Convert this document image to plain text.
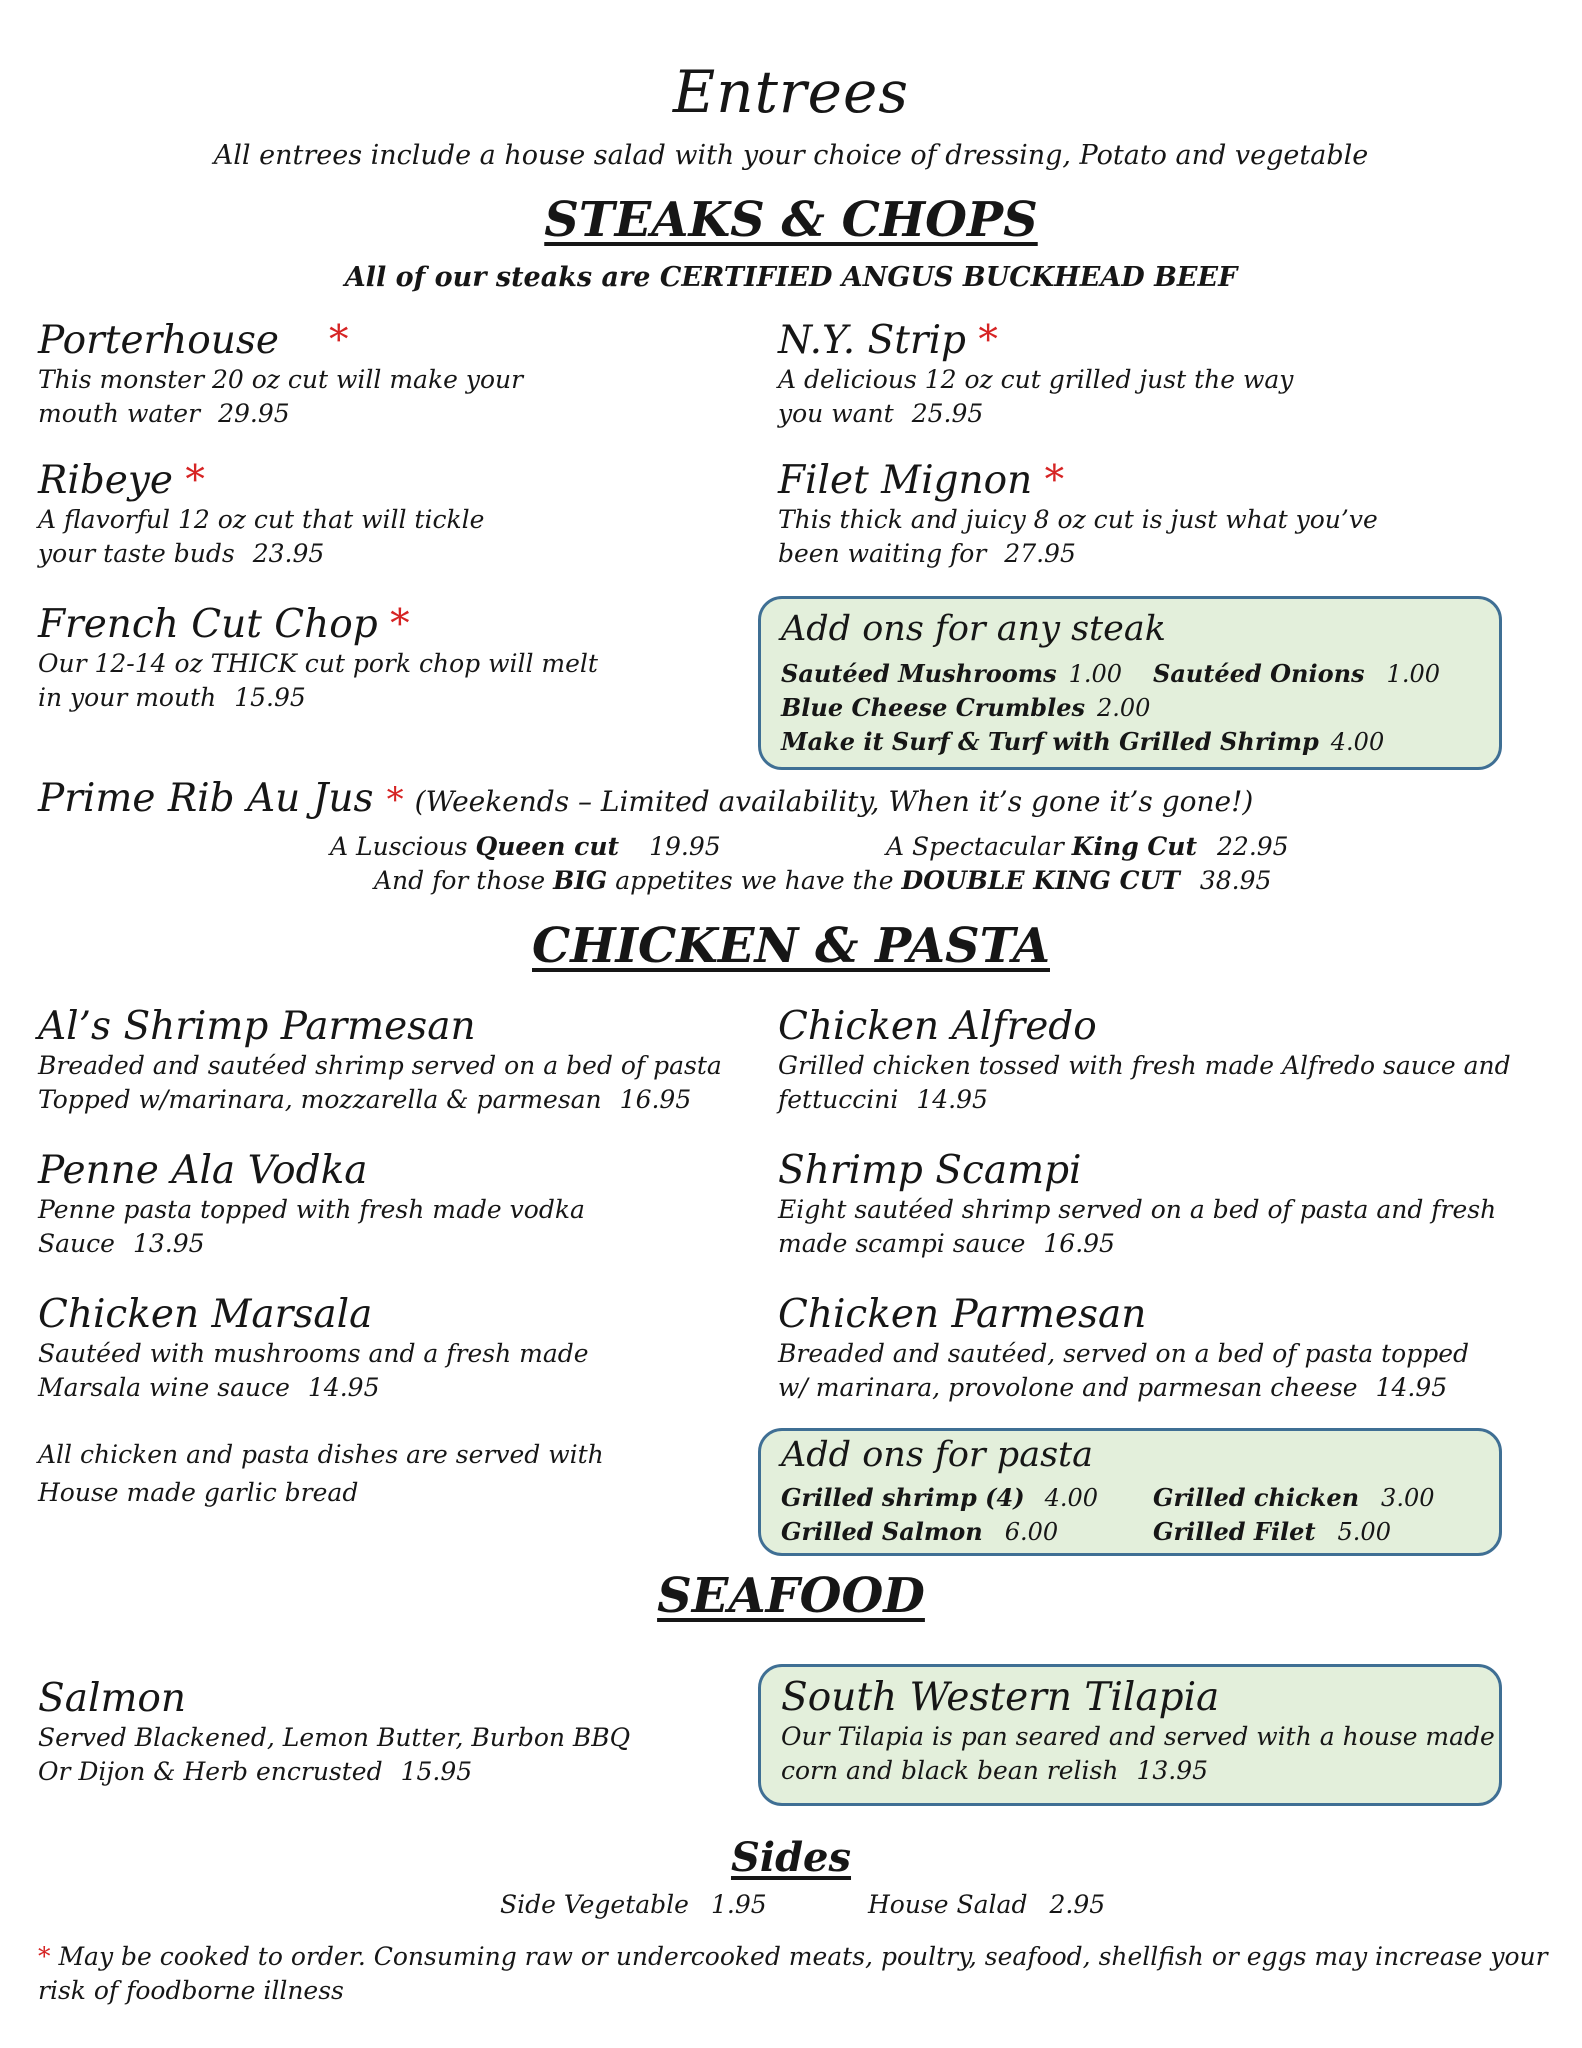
Entrees
All entrees include a house salad with your choice of dressing, Potato and vegetable
STEAKS & CHOPS
All of our steaks are CERTIFIED ANGUS BUCKHEAD BEEF
Porterhouse *
This monster 20 oz cut will make your
mouth water 29.95
N.Y. Strip *
A delicious 12 oz cut grilled just the way
you want 25.95
Ribeye *
A flavorful 12 oz cut that will tickle
your taste buds 23.95
Filet Mignon *
This thick and juicy 8 oz cut is just what you’ve
been waiting for 27.95
French Cut Chop *
Our 12-14 oz THICK cut pork chop will melt
in your mouth 15.95
Add ons for any steak
Sautéed Mushrooms 1.00 Sautéed Onions 1.00
Blue Cheese Crumbles 2.00
Make it Surf & Turf with Grilled Shrimp 4.00
Prime Rib Au Jus * (Weekends – Limited availability, When it’s gone it’s gone!)
A Luscious Queen cut 19.95	A Spectacular King Cut 22.95
And for those BIG appetites we have the DOUBLE KING CUT 38.95
CHICKEN & PASTA
Al’s Shrimp Parmesan
Breaded and sautéed shrimp served on a bed of pasta
Topped w/marinara, mozzarella & parmesan 16.95
Chicken Alfredo
Grilled chicken tossed with fresh made Alfredo sauce and
fettuccini 14.95
Penne Ala Vodka
Penne pasta topped with fresh made vodka
Sauce 13.95
Shrimp Scampi
Eight sautéed shrimp served on a bed of pasta and fresh
made scampi sauce 16.95
Chicken Marsala
Sautéed with mushrooms and a fresh made
Marsala wine sauce 14.95
Chicken Parmesan
Breaded and sautéed, served on a bed of pasta topped
w/ marinara, provolone and parmesan cheese 14.95
All chicken and pasta dishes are served with
House made garlic bread
Add ons for pasta
Grilled shrimp (4) 4.00 Grilled chicken 3.00
Grilled Salmon 6.00	Grilled Filet 5.00
SEAFOOD
Salmon
Served Blackened, Lemon Butter, Burbon BBQ
Or Dijon & Herb encrusted 15.95
South Western Tilapia
Our Tilapia is pan seared and served with a house made
corn and black bean relish 13.95
Sides
Side Vegetable 1.95	House Salad 2.95
* May be cooked to order. Consuming raw or undercooked meats, poultry, seafood, shellfish or eggs may increase your risk of foodborne illness
